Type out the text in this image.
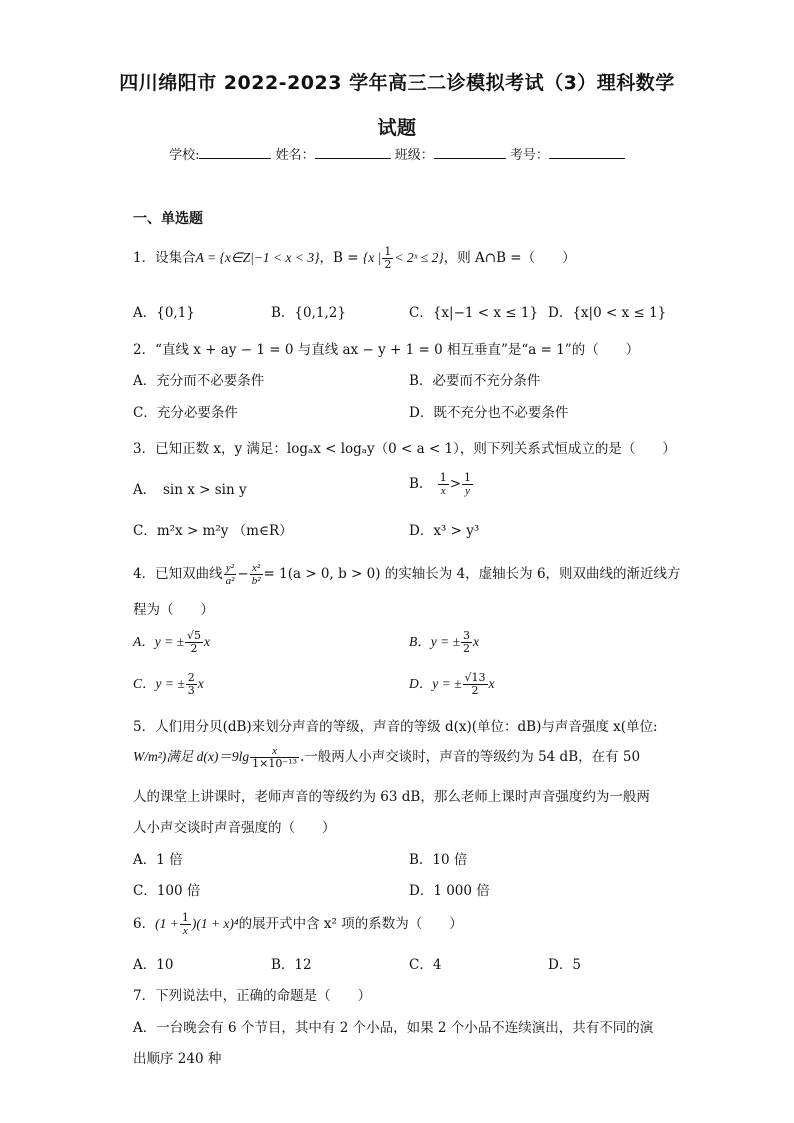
四川绵阳市 2022-2023 学年高三二诊模拟考试（3）理科数学
试题
学校:	姓名：	班级：	考号：
一、单选题
1．设集合A = {x∈Z|−1 < x < 3}，B = {x | $\frac{1}{2}$ < 2ˣ ≤ 2}，则 A∩B =（　　）
A．{0,1}	B．{0,1,2}	C．{x|−1 < x ≤ 1} D．{x|0 < x ≤ 1}
2．“直线 x + ay − 1 = 0 与直线 ax − y + 1 = 0 相互垂直”是“a = 1”的（　　）
A．充分而不必要条件	B．必要而不充分条件
C．充分必要条件	D．既不充分也不必要条件
3．已知正数 x，y 满足：logₐx < logₐy（0 < a < 1），则下列关系式恒成立的是（　　）
A．　sin x > sin y	B． $\frac{1}{x} > \frac{1}{y}$
C．m²x > m²y （m∈R）	D．x³ > y³
4．已知双曲线 $\frac{\text{y²}}{\text{a²}} - \frac{\text{x²}}{\text{b²}} = 1(a > 0$, b > 0) 的实轴长为 4，虚轴长为 6，则双曲线的渐近线方
程为（　　）
A．y = ± $\frac{√5}{2}$ x	B．y = ± $\frac{3}{2}$ x
C．y = ± $\frac{2}{3}$ x	D．y = ± $\frac{√13}{2}$ x
5．人们用分贝(dB)来划分声音的等级，声音的等级 d(x)(单位：dB)与声音强度 x(单位:
W/m²)满足 $d(x)=9\lg \frac{x}{\text{1×10⁻¹³}}$ .一般两人小声交谈时，声音的等级约为 54 dB，在有 50
人的课堂上讲课时，老师声音的等级约为 63 dB，那么老师上课时声音强度约为一般两
人小声交谈时声音强度的（　　）
A．1 倍	B．10 倍
C．100 倍	D．1 000 倍
6．$(1 + \frac{1}{x} )(1 + x)^4$的展开式中含 x² 项的系数为（　　）
A．10	B．12	C．4	D．5
7．下列说法中，正确的命题是（　　）
A．一台晚会有 6 个节目，其中有 2 个小品，如果 2 个小品不连续演出，共有不同的演
出顺序 240 种
